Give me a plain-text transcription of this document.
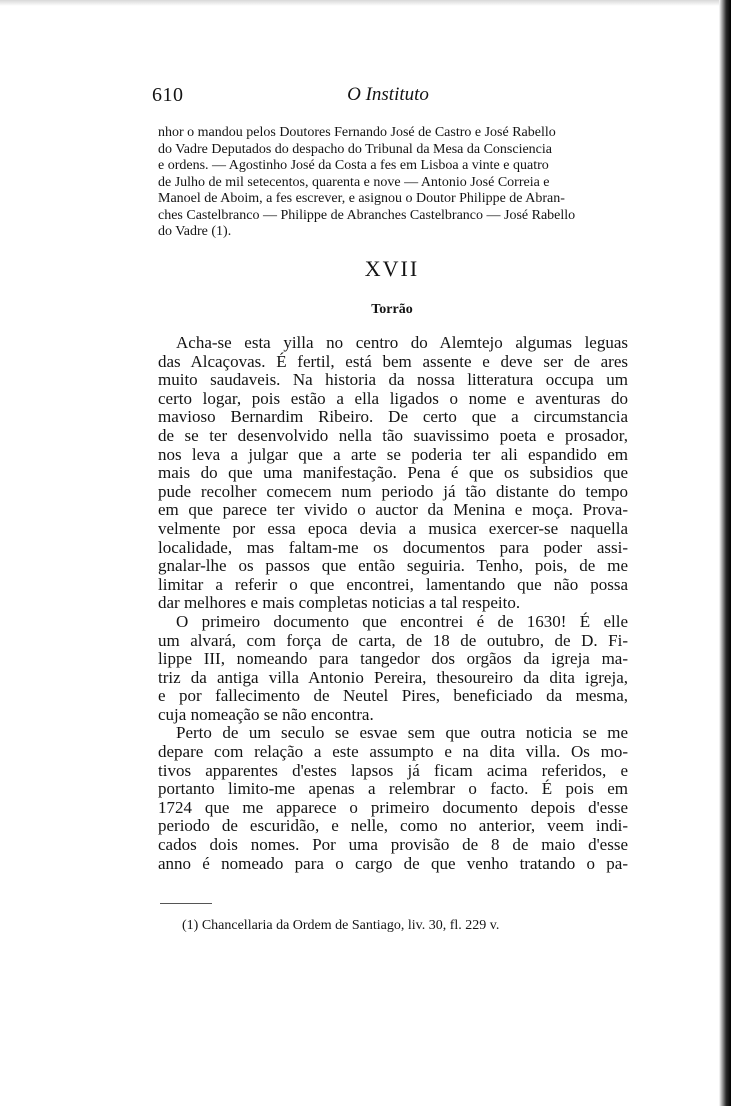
610	O Instituto
nhor o mandou pelos Doutores Fernando José de Castro e José Rabello
do Vadre Deputados do despacho do Tribunal da Mesa da Consciencia
e ordens. — Agostinho José da Costa a fes em Lisboa a vinte e quatro
de Julho de mil setecentos, quarenta e nove — Antonio José Correia e
Manoel de Aboim, a fes escrever, e asignou o Doutor Philippe de Abran-
ches Castelbranco — Philippe de Abranches Castelbranco — José Rabello
do Vadre (1).
XVII
Torrão
Acha-se esta yilla no centro do Alemtejo algumas leguas
das Alcaçovas. É fertil, está bem assente e deve ser de ares
muito saudaveis. Na historia da nossa litteratura occupa um
certo logar, pois estão a ella ligados o nome e aventuras do
mavioso Bernardim Ribeiro. De certo que a circumstancia
de se ter desenvolvido nella tão suavissimo poeta e prosador,
nos leva a julgar que a arte se poderia ter ali espandido em
mais do que uma manifestação. Pena é que os subsidios que
pude recolher comecem num periodo já tão distante do tempo
em que parece ter vivido o auctor da Menina e moça. Prova-
velmente por essa epoca devia a musica exercer-se naquella
localidade, mas faltam-me os documentos para poder assi-
gnalar-lhe os passos que então seguiria. Tenho, pois, de me
limitar a referir o que encontrei, lamentando que não possa
dar melhores e mais completas noticias a tal respeito.
O primeiro documento que encontrei é de 1630! É elle
um alvará, com força de carta, de 18 de outubro, de D. Fi-
lippe III, nomeando para tangedor dos orgãos da igreja ma-
triz da antiga villa Antonio Pereira, thesoureiro da dita igreja,
e por fallecimento de Neutel Pires, beneficiado da mesma,
cuja nomeação se não encontra.
Perto de um seculo se esvae sem que outra noticia se me
depare com relação a este assumpto e na dita villa. Os mo-
tivos apparentes d'estes lapsos já ficam acima referidos, e
portanto limito-me apenas a relembrar o facto. É pois em
1724 que me apparece o primeiro documento depois d'esse
periodo de escuridão, e nelle, como no anterior, veem indi-
cados dois nomes. Por uma provisão de 8 de maio d'esse
anno é nomeado para o cargo de que venho tratando o pa-
(1) Chancellaria da Ordem de Santiago, liv. 30, fl. 229 v.
